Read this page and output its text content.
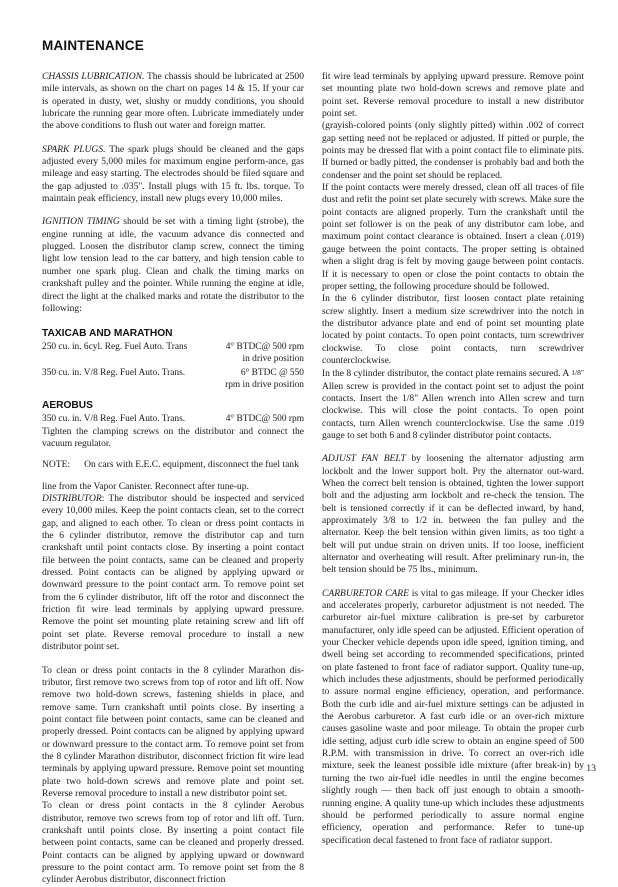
MAINTENANCE

CHASSIS LUBRICATION. The chassis should be lubricated at 2500 mile intervals, as shown on the chart on pages 14 & 15. If your car is operated in dusty, wet, slushy or muddy conditions, you should lubricate the running gear more often. Lubricate immediately under the above conditions to flush out water and foreign matter.

SPARK PLUGS. The spark plugs should be cleaned and the gaps adjusted every 5,000 miles for maximum engine perform-ance, gas mileage and easy starting. The electrodes should be filed square and the gap adjusted to .035". Install plugs with 15 ft. lbs. torque. To maintain peak efficiency, install new plugs every 10,000 miles.

IGNITION TIMING should be set with a timing light (strobe), the engine running at idle, the vacuum advance dis connected and plugged. Loosen the distributor clamp screw, connect the timing light low tension lead to the car battery, and high tension cable to number one spark plug. Clean and chalk the timing marks on crankshaft pulley and the pointer. While running the engine at idle, direct the light at the chalked marks and rotate the distributor to the following:

TAXICAB AND MARATHON
250 cu. in. 6cyl. Reg. Fuel Auto. Trans	4° BTDC@ 500 rpm
in drive position
350 cu. in. V/8 Reg. Fuel Auto. Trans.	6° BTDC @ 550
rpm in drive position
AEROBUS
350 cu. in. V/8 Reg. Fuel Auto. Trans.	4° BTDC@ 500 rpm

Tighten the clamping screws on the distributor and connect the vacuum regulator.

NOTE: On cars with E.E.C. equipment, disconnect the fuel tank

line from the Vapor Canister. Reconnect after tune-up.

DISTRIBUTOR: The distributor should be inspected and serviced every 10,000 miles. Keep the point contacts clean, set to the correct gap, and aligned to each other. To clean or dress point contacts in the 6 cylinder distributor, remove the distributor cap and turn crankshaft until point contacts close. By inserting a point contact file between the point contacts, same can be cleaned and properly dressed. Point contacts can be aligned by applying upward or downward pressure to the point contact arm. To remove point set from the 6 cylinder distributor, lift off the rotor and disconnect the friction fit wire lead terminals by applying upward pressure. Remove the point set mounting plate retaining screw and lift off point set plate. Reverse removal procedure to install a new distributor point set.

To clean or dress point contacts in the 8 cylinder Marathon dis-tributor, first remove two screws from top of rotor and lift off. Now remove two hold-down screws, fastening shields in place, and remove same. Turn crankshaft until points close. By inserting a point contact file between point contacts, same can be cleaned and properly dressed. Point contacts can be aligned by applying upward or downward pressure to the contact arm. To remove point set from the 8 cylinder Marathon distributor, disconnect friction fit wire lead terminals by applying upward pressure. Remove point set mounting plate two hold-down screws and remove plate and point set. Reverse removal procedure to install a new distributor point set.

To clean or dress point contacts in the 8 cylinder Aerobus distributor, remove two screws from top of rotor and lift off. Turn. crankshaft until points close. By inserting a point contact file between point contacts, same can be cleaned and properly dressed. Point contacts can be aligned by applying upward or downward pressure to the point contact arm. To remove point set from the 8 cylinder Aerobus distributor, disconnect friction

fit wire lead terminals by applying upward pressure. Remove point set mounting plate two hold-down screws and remove plate and point set. Reverse removal procedure to install a new distributor point set.

(grayish-colored points (only slightly pitted) within .002 of correct gap setting need not be replaced or adjusted. If pitted or purple, the points may be dressed flat with a point contact file to eliminate pits. If burned or badly pitted, the condenser is probably bad and both the condenser and the point set should be replaced.

If the point contacts were merely dressed, clean off all traces of file dust and refit the point set plate securely with screws. Make sure the point contacts are aligned properly. Turn the crankshaft until the point set follower is on the peak of any distributor cam lobe, and maximum point contact clearance is obtained. Insert a clean (.019) gauge between the point contacts. The proper setting is obtained when a slight drag is felt by moving gauge between point contacts. If it is necessary to open or close the point contacts to obtain the proper setting, the following procedure should be followed.

In the 6 cylinder distributor, first loosen contact plate retaining screw slightly. Insert a medium size screwdriver into the notch in the distributor advance plate and end of point set mounting plate located by point contacts. To open point contacts, turn screwdriver clockwise. To close point contacts, turn screwdriver counterclockwise.

In the 8 cylinder distributor, the contact plate remains secured. A 1/8" Allen screw is provided in the contact point set to adjust the point contacts. Insert the 1/8" Allen wrench into Allen screw and turn clockwise. This will close the point contacts. To open point contacts, turn Allen wrench counterclockwise. Use the same .019 gauge to set both 6 and 8 cylinder distributor point contacts.

ADJUST FAN BELT by loosening the alternator adjusting arm lockbolt and the lower support bolt. Pry the alternator out-ward. When the correct belt tension is obtained, tighten the lower support bolt and the adjusting arm lockbolt and re-check the tension. The belt is tensioned correctly if it can be deflected inward, by hand, approximately 3/8 to 1/2 in. between the fan pulley and the alternator. Keep the belt tension within given limits, as too tight a belt will put undue strain on driven units. If too loose, inefficient alternator and overheating will result. After preliminary run-in, the belt tension should be 75 lbs., minimum.

CARBURETOR CARE is vital to gas mileage. If your Checker idles and accelerates properly, carburetor adjustment is not needed. The carburetor air-fuel mixture calibration is pre-set by carburetor manufacturer, only idle speed can be adjusted. Efficient operation of your Checker vehicle depends upon idle speed, ignition timing, and dwell being set according to recommended specifications, printed on plate fastened to front face of radiator support. Quality tune-up, which includes these adjustments, should be performed periodically to assure normal engine efficiency, operation, and performance. Both the curb idle and air-fuel mixture settings can be adjusted in the Aerobus carburetor. A fast curb idle or an over-rich mixture causes gasoline waste and poor mileage. To obtain the proper curb idle setting, adjust curb idle screw to obtain an engine speed of 500 R.P.M. with transmission in drive. To correct an over-rich idle mixture, seek the leanest possible idle mixture (after break-in) by turning the two air-fuel idle needles in until the engine becomes slightly rough — then back off just enough to obtain a smooth-running engine. A quality tune-up which includes these adjustments should be performed periodically to assure normal engine efficiency, operation and performance. Refer to tune-up specification decal fastened to front face of radiator support.

13
